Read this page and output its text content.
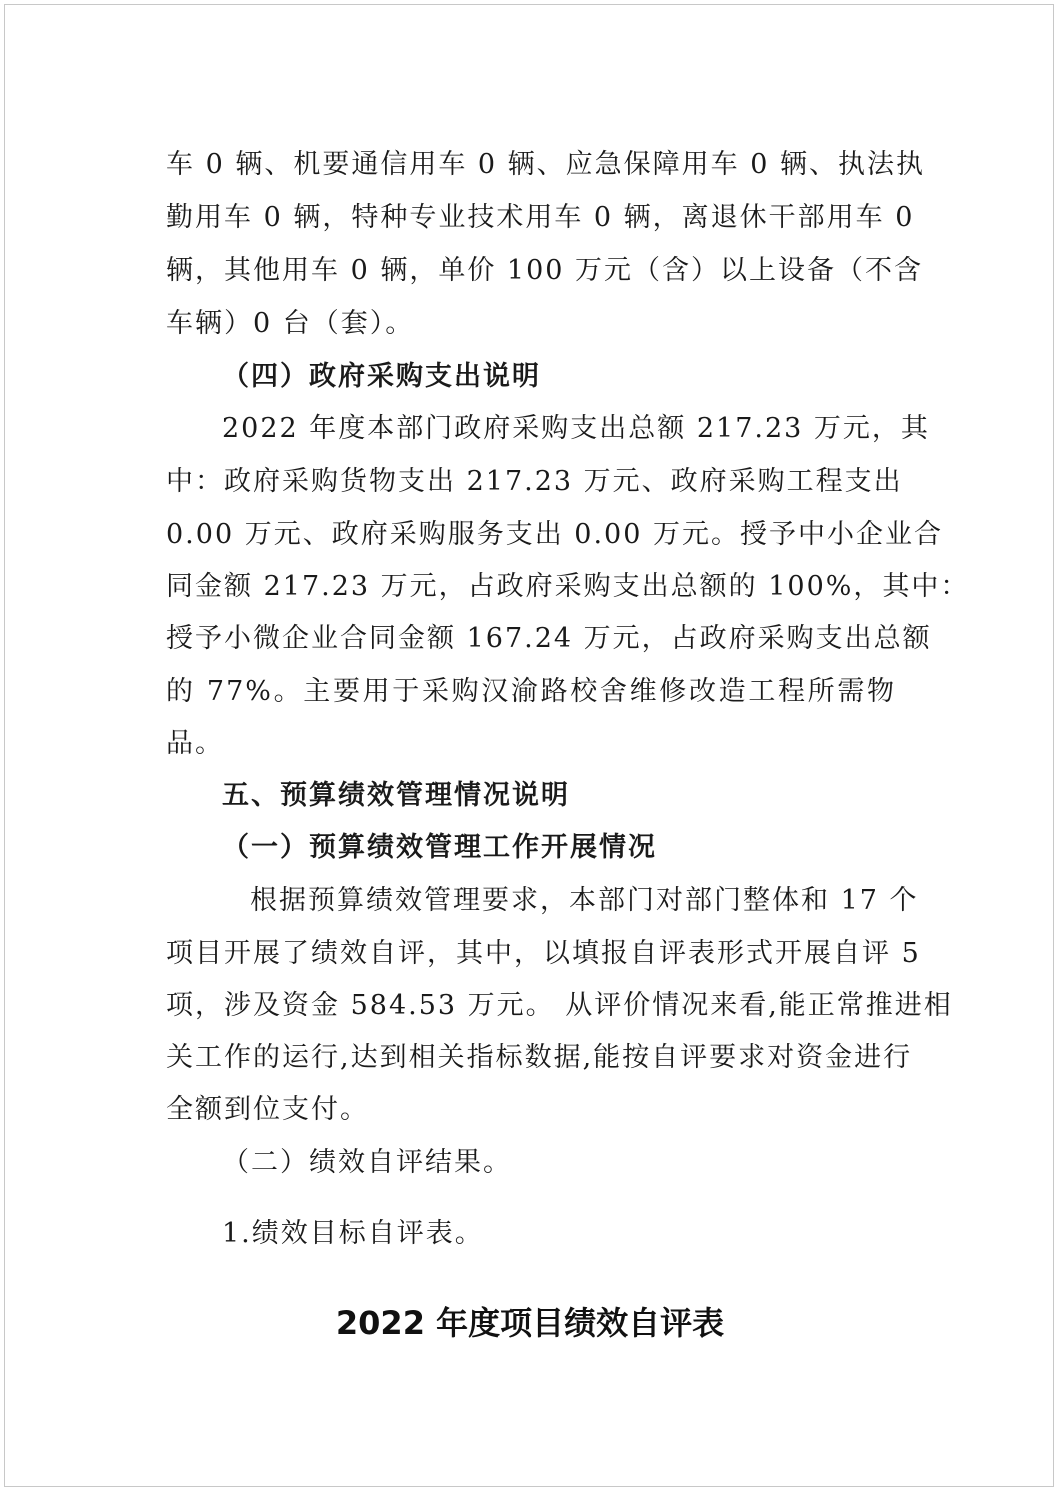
车 0 辆、机要通信用车 0 辆、应急保障用车 0 辆、执法执
勤用车 0 辆，特种专业技术用车 0 辆，离退休干部用车 0
辆，其他用车 0 辆，单价 100 万元（含）以上设备（不含
车辆）0 台（套）。
（四）政府采购支出说明
2022 年度本部门政府采购支出总额 217.23 万元，其
中：政府采购货物支出 217.23 万元、政府采购工程支出
0.00 万元、政府采购服务支出 0.00 万元。授予中小企业合
同金额 217.23 万元，占政府采购支出总额的 100%，其中：
授予小微企业合同金额 167.24 万元，占政府采购支出总额
的 77%。主要用于采购汉渝路校舍维修改造工程所需物
品。
五、预算绩效管理情况说明
（一）预算绩效管理工作开展情况
根据预算绩效管理要求，本部门对部门整体和 17 个
项目开展了绩效自评，其中，以填报自评表形式开展自评 5
项，涉及资金 584.53 万元。 从评价情况来看,能正常推进相
关工作的运行,达到相关指标数据,能按自评要求对资金进行
全额到位支付。
（二）绩效自评结果。
1.绩效目标自评表。
2022 年度项目绩效自评表
